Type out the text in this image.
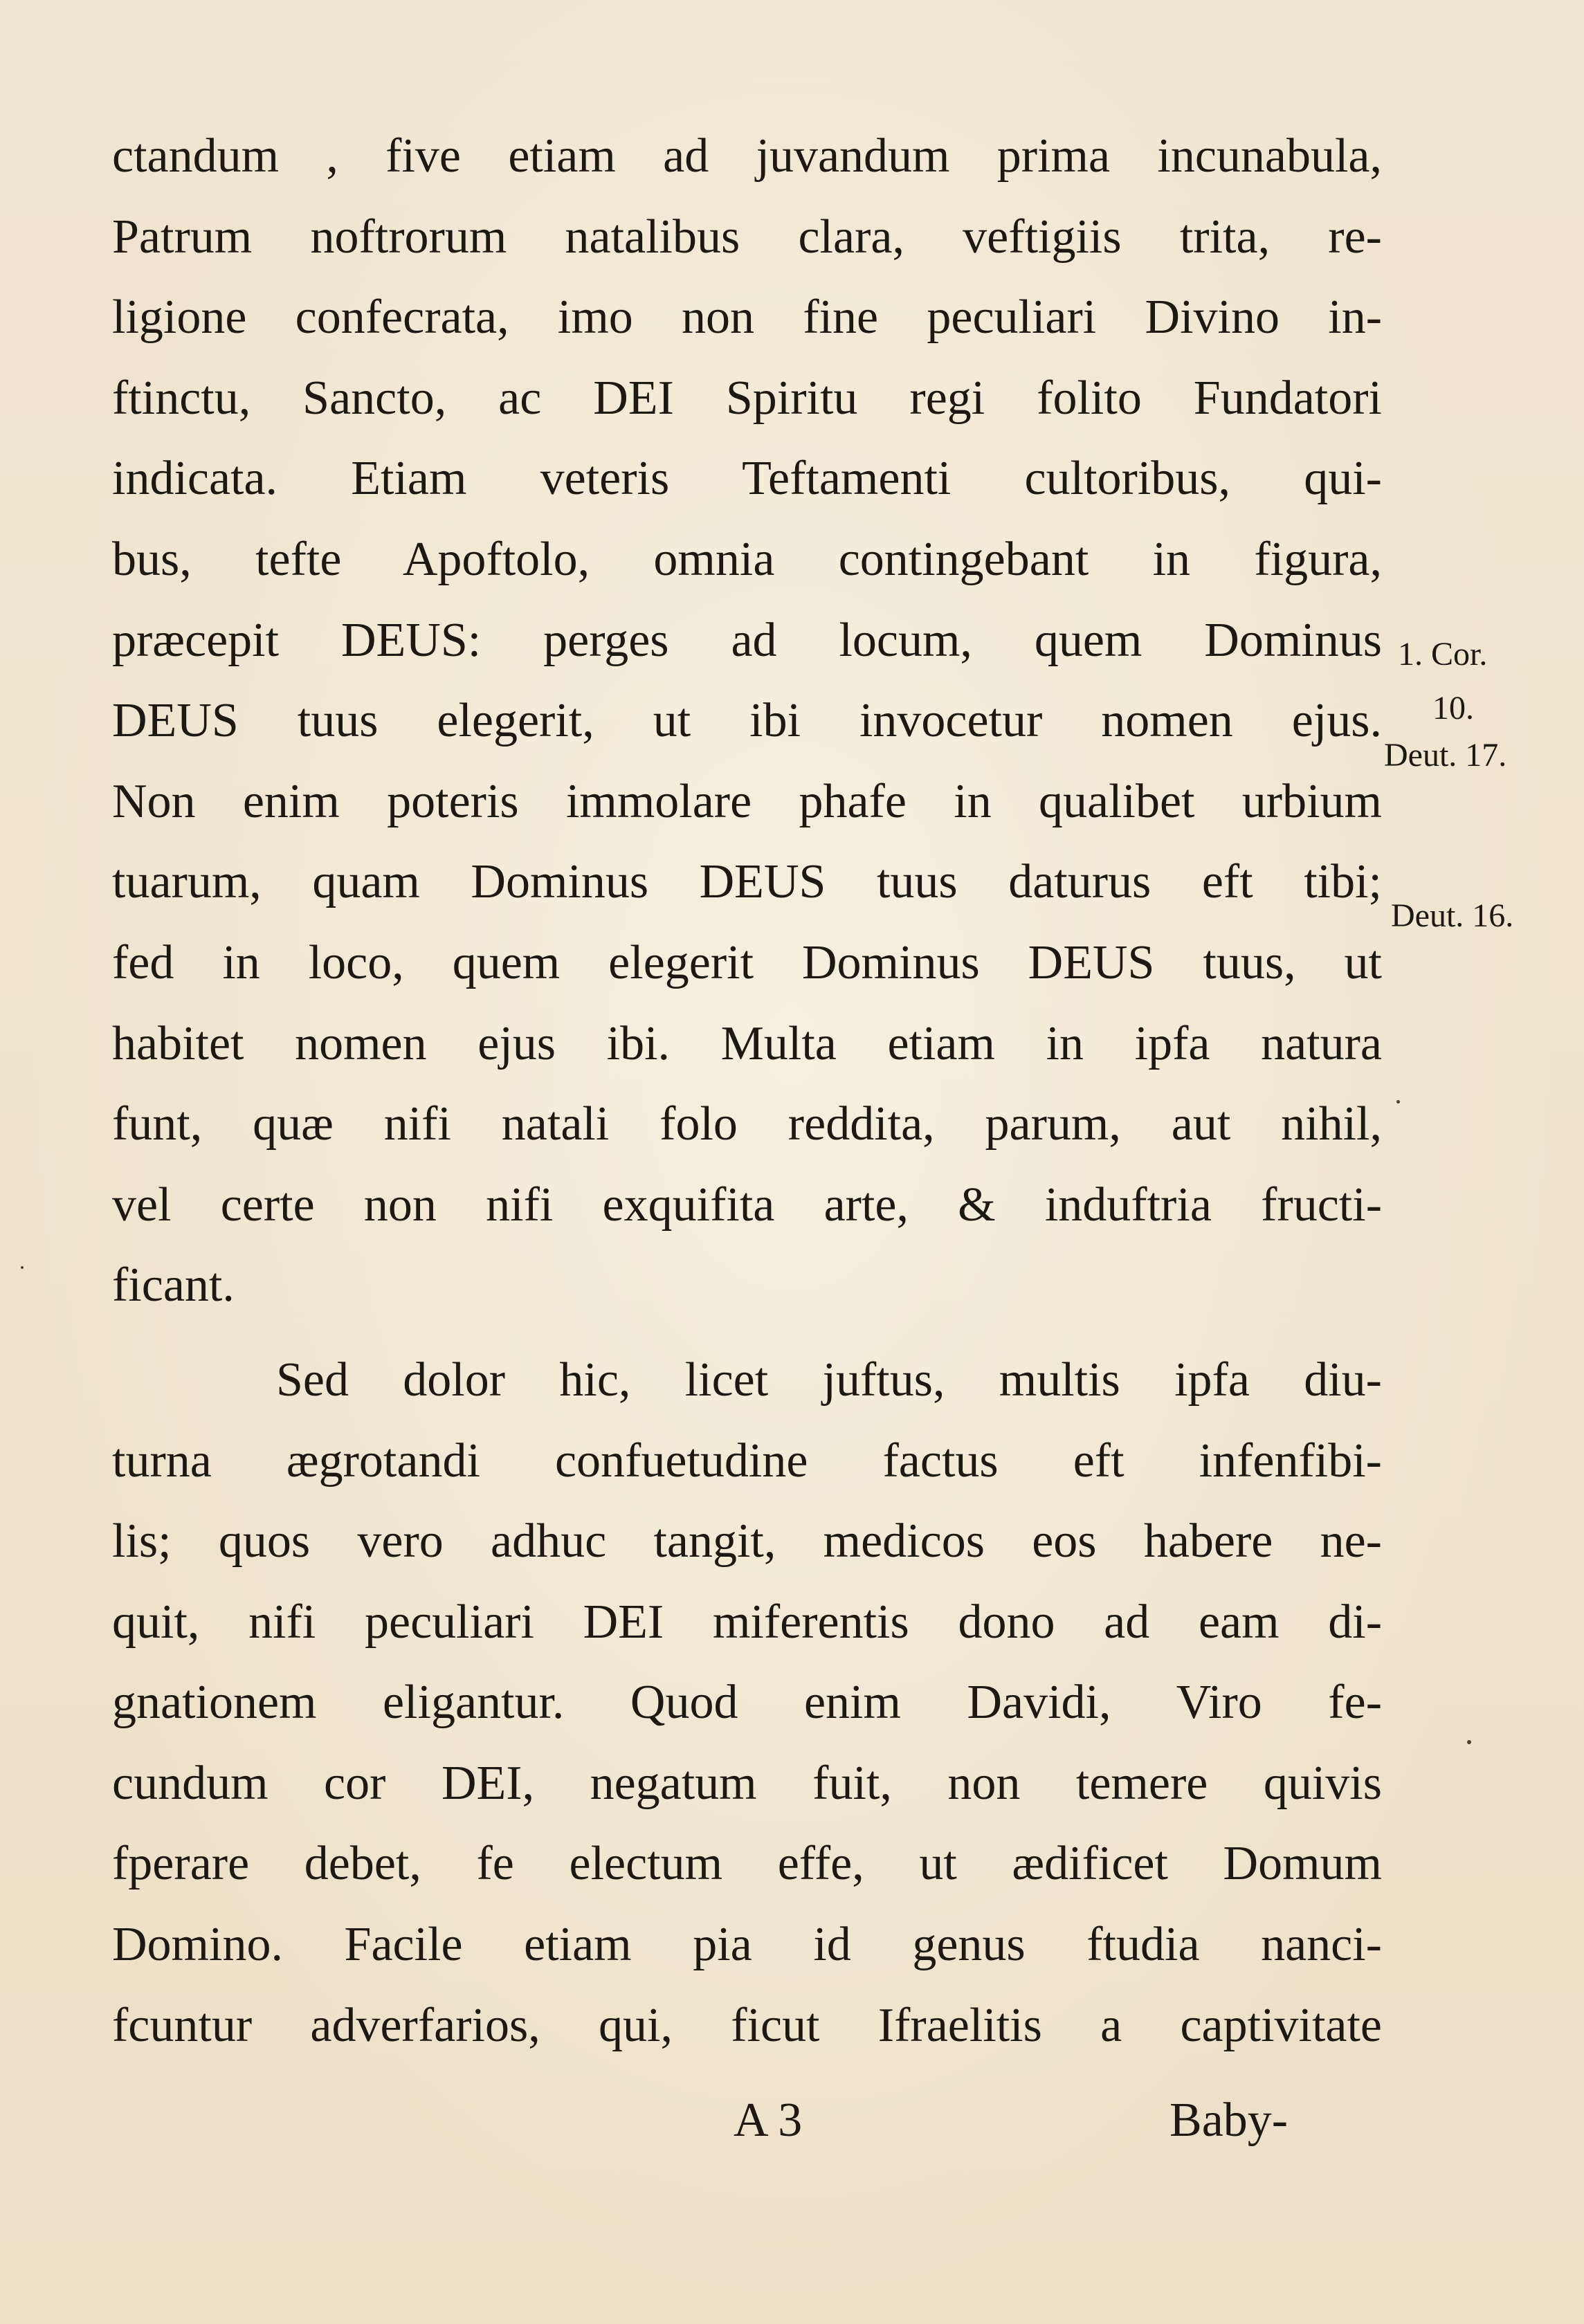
ctandum , five etiam ad juvandum prima incunabula,
Patrum noftrorum natalibus clara, veftigiis trita, re-
ligione confecrata, imo non fine peculiari Divino in-
ftinctu, Sancto, ac DEI Spiritu regi folito Fundatori
indicata. Etiam veteris Teftamenti cultoribus, qui-
bus, tefte Apoftolo, omnia contingebant in figura,
præcepit DEUS: perges ad locum, quem Dominus
DEUS tuus elegerit, ut ibi invocetur nomen ejus.
Non enim poteris immolare phafe in qualibet urbium
tuarum, quam Dominus DEUS tuus daturus eft tibi;
fed in loco, quem elegerit Dominus DEUS tuus, ut
habitet nomen ejus ibi. Multa etiam in ipfa natura
funt, quæ nifi natali folo reddita, parum, aut nihil,
vel certe non nifi exquifita arte, & induftria fructi-
ficant.
Sed dolor hic, licet juftus, multis ipfa diu-
turna ægrotandi confuetudine factus eft infenfibi-
lis; quos vero adhuc tangit, medicos eos habere ne-
quit, nifi peculiari DEI miferentis dono ad eam di-
gnationem eligantur. Quod enim Davidi, Viro fe-
cundum cor DEI, negatum fuit, non temere quivis
fperare debet, fe electum effe, ut ædificet Domum
Domino. Facile etiam pia id genus ftudia nanci-
fcuntur adverfarios, qui, ficut Ifraelitis a captivitate
1. Cor.
10.
Deut. 17.
Deut. 16.
A 3	Baby-
